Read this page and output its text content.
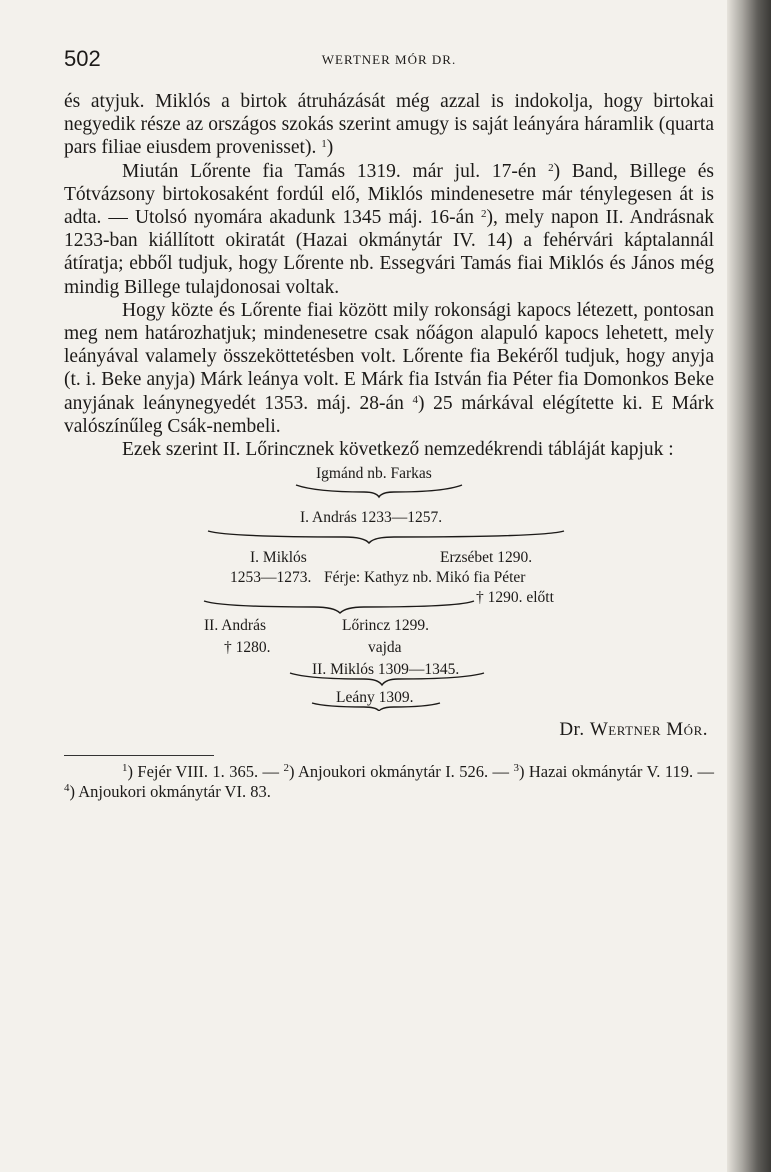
502	WERTNER MÓR DR.

és atyjuk. Miklós a birtok átruházását még azzal is indokolja, hogy birtokai negyedik része az országos szokás szerint amugy is saját leányára háramlik (quarta pars filiae eiusdem provenisset). $^1$)

Miután Lőrente fia Tamás 1319. már jul. 17-én $^2$) Band, Billege és Tótvázsony birtokosaként fordúl elő, Miklós mindenesetre már ténylegesen át is adta. — Utolsó nyomára akadunk 1345 máj. 16-án $^2$), mely napon II. Andrásnak 1233-ban kiállított okiratát (Hazai okmánytár IV. 14) a fehérvári káptalannál átíratja; ebből tudjuk, hogy Lőrente nb. Essegvári Tamás fiai Miklós és János még mindig Billege tulajdonosai voltak.

Hogy közte és Lőrente fiai között mily rokonsági kapocs létezett, pontosan meg nem határozhatjuk; mindenesetre csak nőágon alapuló kapocs lehetett, mely leányával valamely összeköttetésben volt. Lőrente fia Bekéről tudjuk, hogy anyja (t. i. Beke anyja) Márk leánya volt. E Márk fia István fia Péter fia Domonkos Beke anyjának leánynegyedét 1353. máj. 28-án $^4$) 25 márkával elégítette ki. E Márk valószínűleg Csák-nembeli.

Ezek szerint II. Lőrincznek következő nemzedékrendi tábláját kapjuk :

Igmánd nb. Farkas
I. András 1233—1257.
I. Miklós
1253—1273.
Erzsébet 1290.
Férje: Kathyz nb. Mikó fia Péter
† 1290. előtt
II. András
† 1280.
Lőrincz 1299.
vajda
II. Miklós 1309—1345.
Leány 1309.
Dr. Wertner Mór.

$^1$) Fejér VIII. 1. 365. — $^2$) Anjoukori okmánytár I. 526. — $^3$) Hazai okmánytár V. 119. — $^4$) Anjoukori okmánytár VI. 83.
